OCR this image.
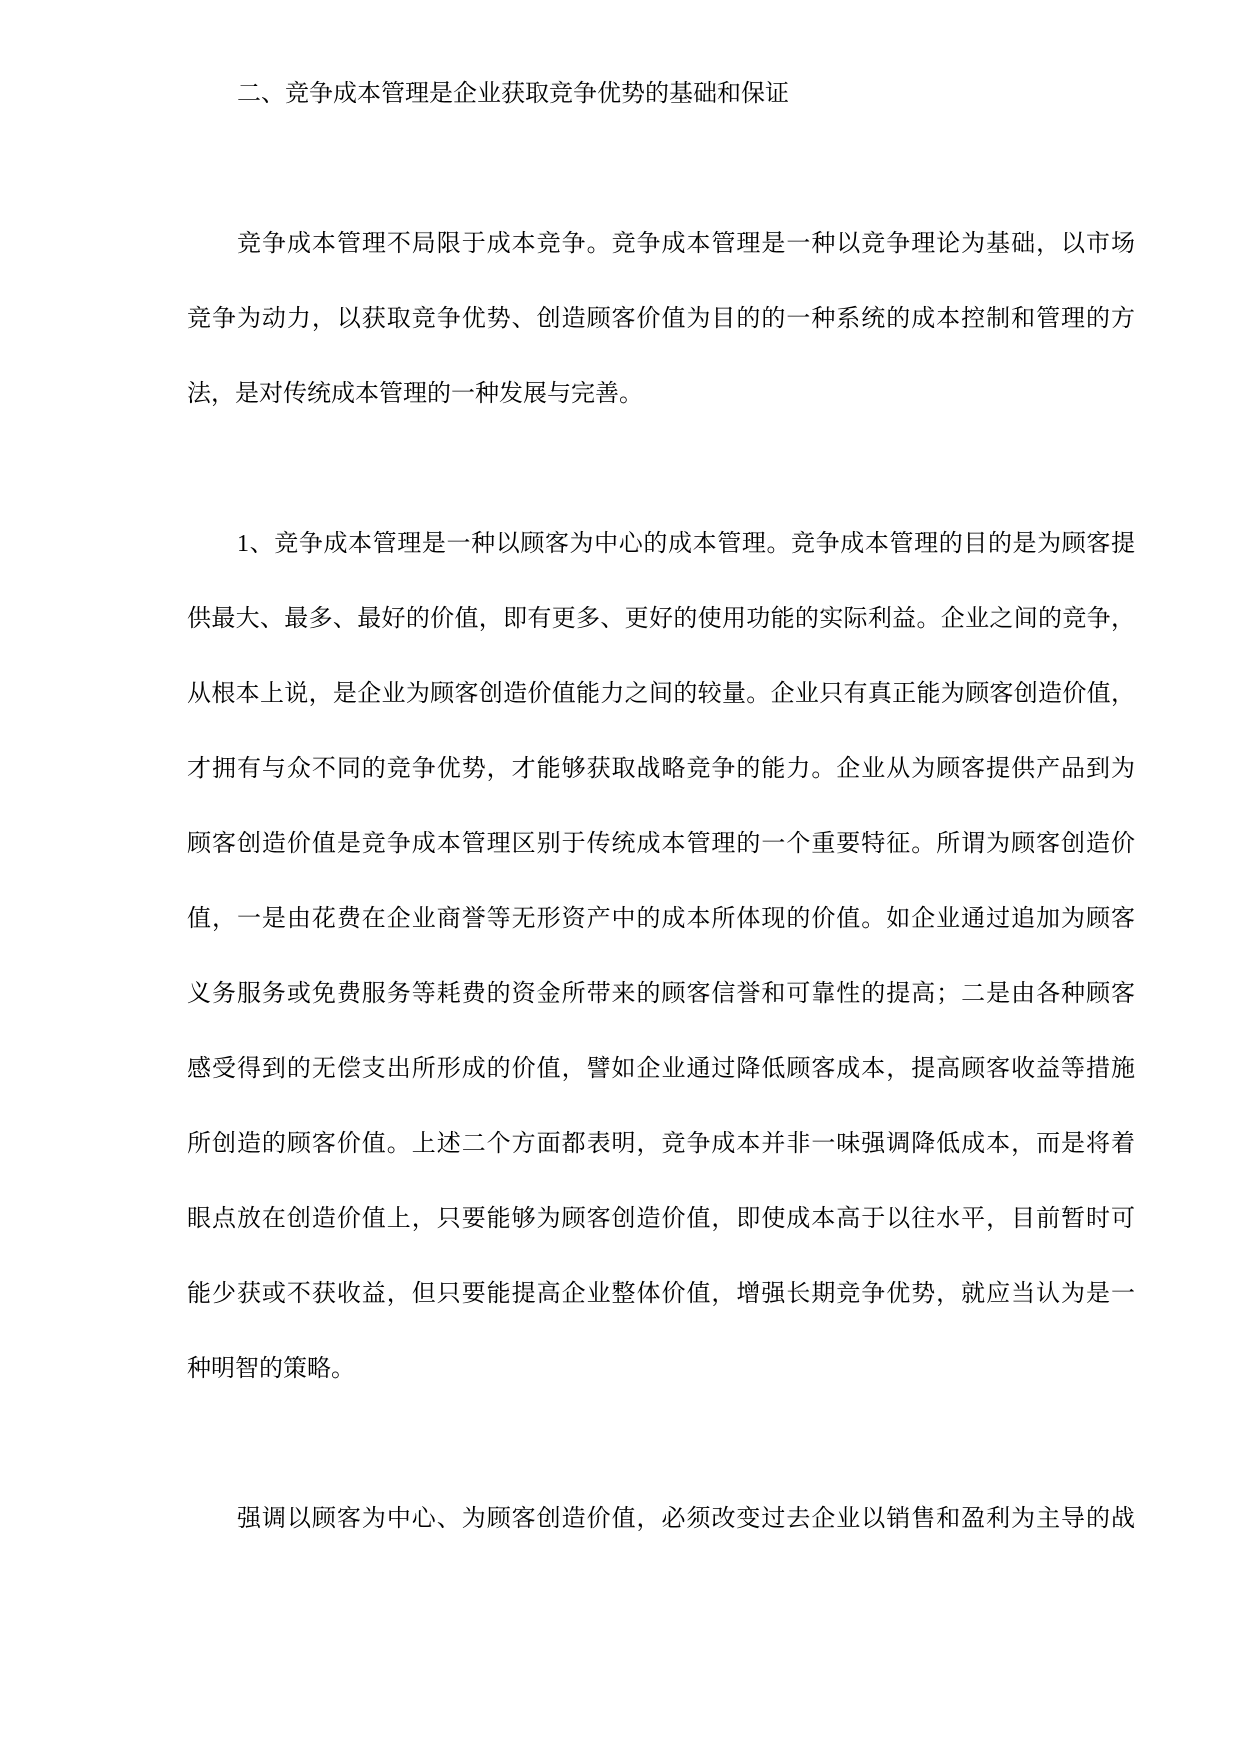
二、竞争成本管理是企业获取竞争优势的基础和保证
竞争成本管理不局限于成本竞争。竞争成本管理是一种以竞争理论为基础，以市场
竞争为动力，以获取竞争优势、创造顾客价值为目的的一种系统的成本控制和管理的方
法，是对传统成本管理的一种发展与完善。
1、竞争成本管理是一种以顾客为中心的成本管理。竞争成本管理的目的是为顾客提
供最大、最多、最好的价值，即有更多、更好的使用功能的实际利益。企业之间的竞争，
从根本上说，是企业为顾客创造价值能力之间的较量。企业只有真正能为顾客创造价值，
才拥有与众不同的竞争优势，才能够获取战略竞争的能力。企业从为顾客提供产品到为
顾客创造价值是竞争成本管理区别于传统成本管理的一个重要特征。所谓为顾客创造价
值，一是由花费在企业商誉等无形资产中的成本所体现的价值。如企业通过追加为顾客
义务服务或免费服务等耗费的资金所带来的顾客信誉和可靠性的提高；二是由各种顾客
感受得到的无偿支出所形成的价值，譬如企业通过降低顾客成本，提高顾客收益等措施
所创造的顾客价值。上述二个方面都表明，竞争成本并非一味强调降低成本，而是将着
眼点放在创造价值上，只要能够为顾客创造价值，即使成本高于以往水平，目前暂时可
能少获或不获收益，但只要能提高企业整体价值，增强长期竞争优势，就应当认为是一
种明智的策略。
强调以顾客为中心、为顾客创造价值，必须改变过去企业以销售和盈利为主导的战
